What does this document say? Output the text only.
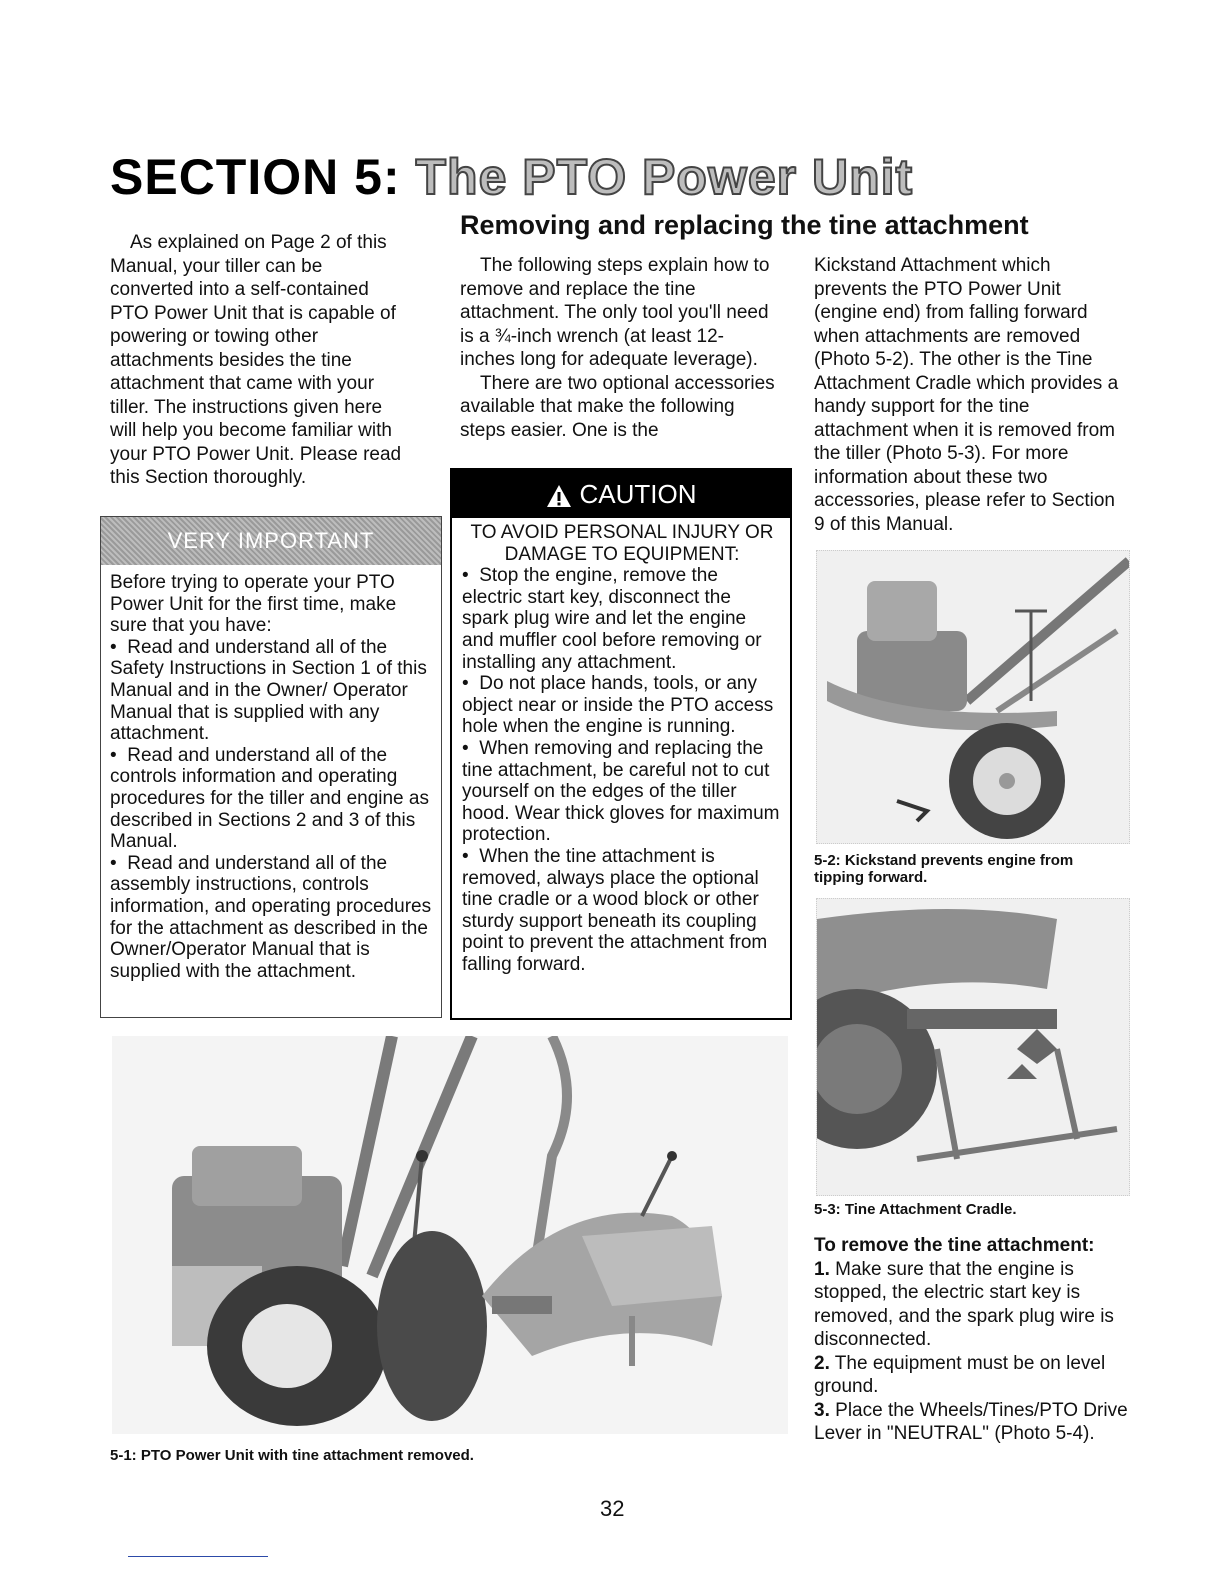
SECTION 5: The PTO Power Unit
Removing and replacing the tine attachment

As explained on Page 2 of this Manual, your tiller can be converted into a self-contained PTO Power Unit that is capable of powering or towing other attachments besides the tine attachment that came with your tiller. The instructions given here will help you become familiar with your PTO Power Unit. Please read this Section thoroughly.

VERY IMPORTANT
Before trying to operate your PTO Power Unit for the first time, make sure that you have:
•  Read and understand all of the Safety Instructions in Section 1 of this Manual and in the Owner/ Operator Manual that is supplied with any attachment.
•  Read and understand all of the controls information and operating procedures for the tiller and engine as described in Sections 2 and 3 of this Manual.
•  Read and understand all of the assembly instructions, controls information, and operating procedures for the attachment as described in the Owner/Operator Manual that is supplied with the attachment.

The following steps explain how to remove and replace the tine attachment. The only tool you'll need is a ¾-inch wrench (at least 12-inches long for adequate leverage).

There are two optional accessories available that make the following steps easier. One is the

CAUTION
TO AVOID PERSONAL INJURY OR DAMAGE TO EQUIPMENT:
•  Stop the engine, remove the electric start key, disconnect the spark plug wire and let the engine and muffler cool before removing or installing any attachment.
•  Do not place hands, tools, or any object near or inside the PTO access hole when the engine is running.
•  When removing and replacing the tine attachment, be careful not to cut yourself on the edges of the tiller hood. Wear thick gloves for maximum protection.
•  When the tine attachment is removed, always place the optional tine cradle or a wood block or other sturdy support beneath its coupling point to prevent the attachment from falling forward.

Kickstand Attachment which prevents the PTO Power Unit (engine end) from falling forward when attachments are removed (Photo 5-2). The other is the Tine Attachment Cradle which provides a handy support for the tine attachment when it is removed from the tiller (Photo 5-3). For more information about these two accessories, please refer to Section 9 of this Manual.

5-2: Kickstand prevents engine from
tipping forward.
5-3: Tine Attachment Cradle.
5-1: PTO Power Unit with tine attachment removed.

To remove the tine attachment:

1. Make sure that the engine is stopped, the electric start key is removed, and the spark plug wire is disconnected.

2. The equipment must be on level ground.

3. Place the Wheels/Tines/PTO Drive Lever in "NEUTRAL" (Photo 5-4).

32
